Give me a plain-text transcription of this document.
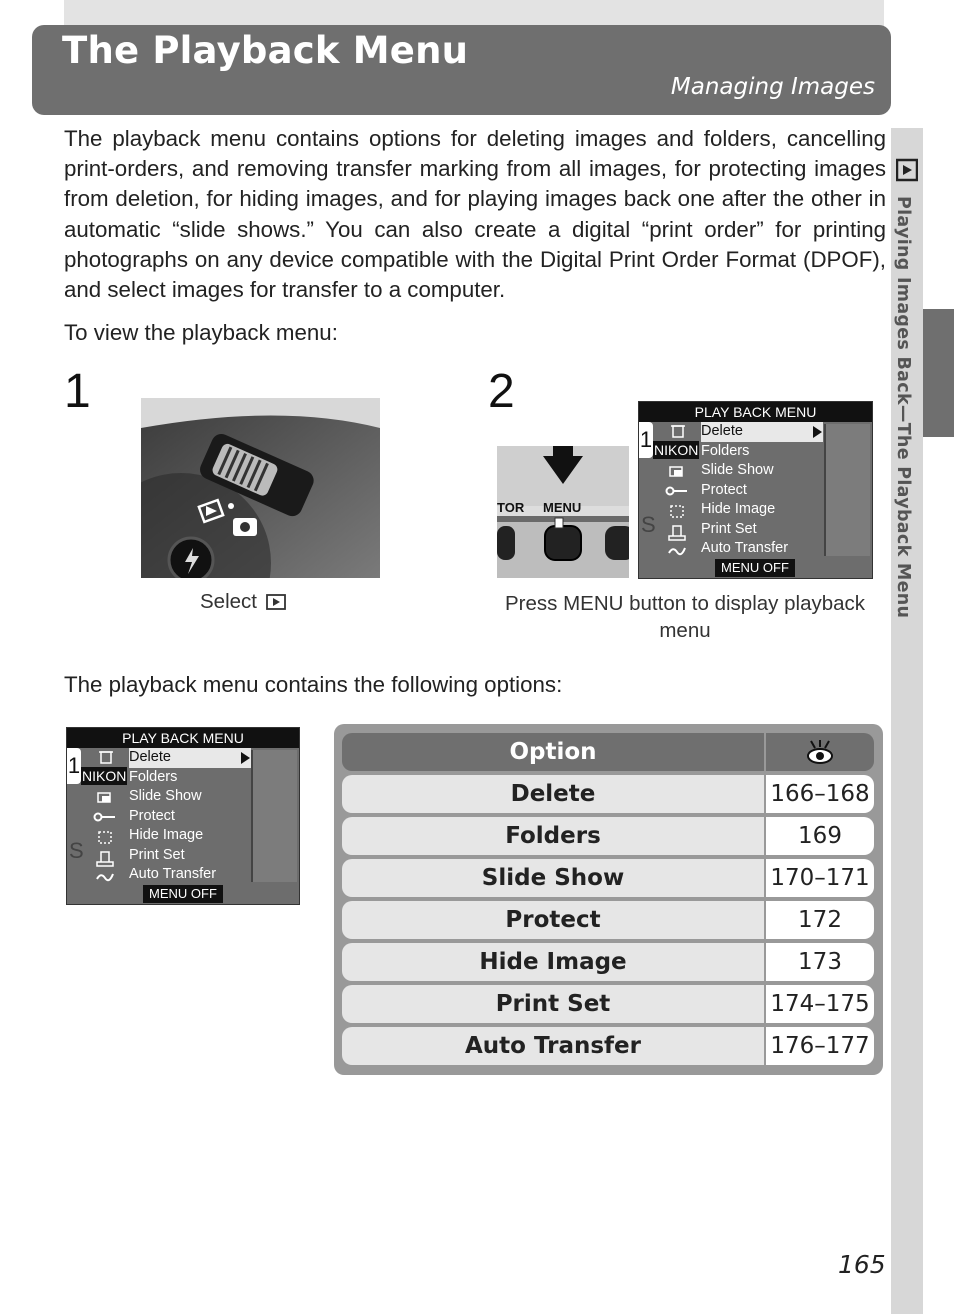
The Playback Menu
Managing Images
Playing Images Back—The Playback Menu
The playback menu contains options for deleting images and folders, cancelling print-orders, and removing transfer marking from all images, for protecting images from deletion, for hiding images, and for playing images back one after the other in automatic “slide shows.” You can also create a digital “print order” for printing photographs on any device compatible with the Digital Print Order Format (DPOF), and select images for transfer to a computer.
To view the playback menu:
1
Select
2
TOR MENU
PLAY BACK MENU
Delete
Folders
Slide Show
Protect
Hide Image
Print Set
Auto Transfer
1 NIKON
S
MENU OFF
Press MENU button to display playback menu
The playback menu contains the following options:
PLAY BACK MENU
Delete
Folders
Slide Show
Protect
Hide Image
Print Set
Auto Transfer
1 NIKON
S
MENU OFF
Option
Delete	166–168
Folders	169
Slide Show	170–171
Protect	172
Hide Image	173
Print Set	174–175
Auto Transfer	176–177
165
